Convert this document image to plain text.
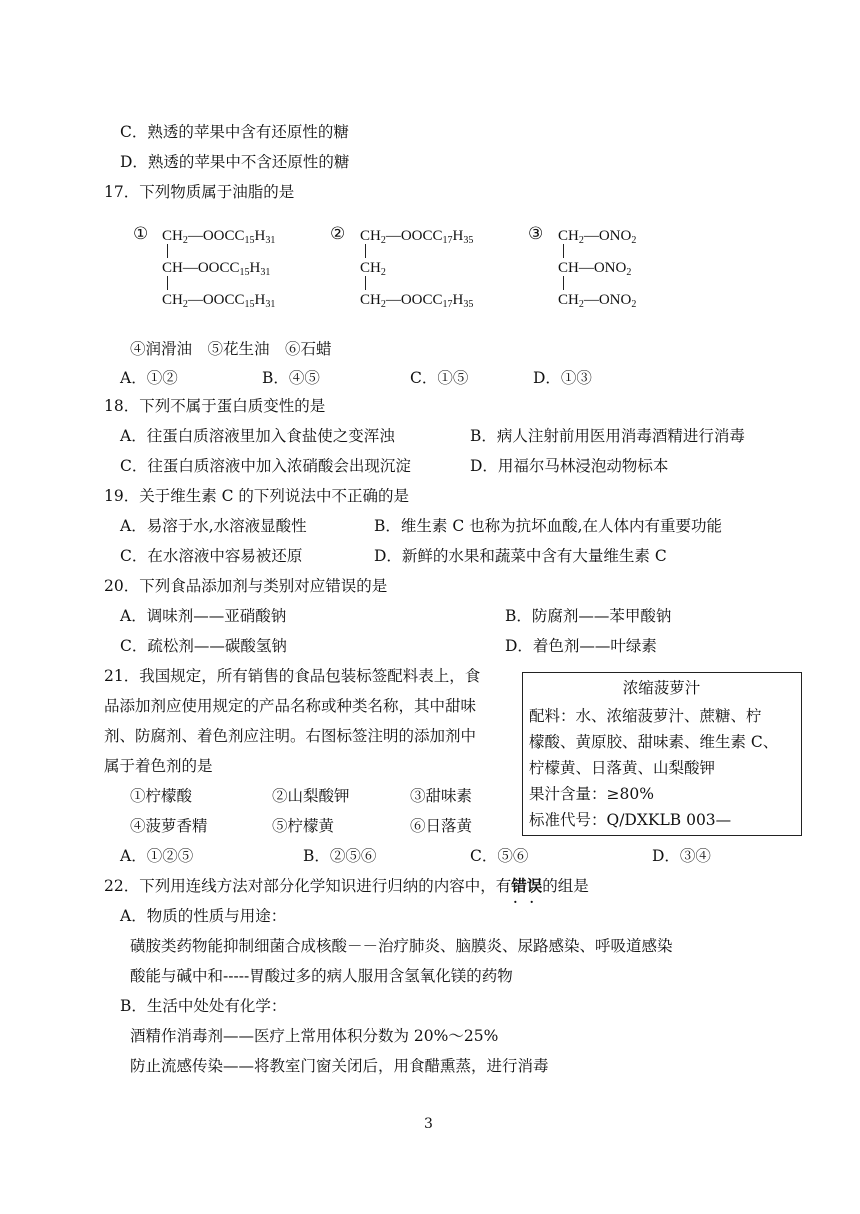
C．熟透的苹果中含有还原性的糖
D．熟透的苹果中不含还原性的糖
17．下列物质属于油脂的是
① $CH_2—OOCC_{15}H_{31}$
$CH—OOCC_{15}H_{31}$
$CH_2—OOCC_{15}H_{31}$
② $CH_2—OOCC_{17}H_{35}$
$CH_2$
$CH_2—OOCC_{17}H_{35}$
③ $CH_2—ONO_2$
$CH—ONO_2$
$CH_2—ONO_2$
④润滑油　⑤花生油　⑥石蜡
A．①②	B．④⑤	C．①⑤	D．①③
18．下列不属于蛋白质变性的是
A．往蛋白质溶液里加入食盐使之变浑浊	B．病人注射前用医用消毒酒精进行消毒
C．往蛋白质溶液中加入浓硝酸会出现沉淀	D．用福尔马林浸泡动物标本
19．关于维生素 C 的下列说法中不正确的是
A．易溶于水,水溶液显酸性	B．维生素 C 也称为抗坏血酸,在人体内有重要功能
C．在水溶液中容易被还原	D．新鲜的水果和蔬菜中含有大量维生素 C
20．下列食品添加剂与类别对应错误的是
A．调味剂——亚硝酸钠	B．防腐剂——苯甲酸钠
C．疏松剂——碳酸氢钠	D．着色剂——叶绿素
21．我国规定，所有销售的食品包装标签配料表上，食
品添加剂应使用规定的产品名称或种类名称，其中甜味
剂、防腐剂、着色剂应注明。右图标签注明的添加剂中
属于着色剂的是
①柠檬酸	②山梨酸钾	③甜味素
④菠萝香精	⑤柠檬黄	⑥日落黄
A．①②⑤	B．②⑤⑥	C．⑤⑥	D．③④
浓缩菠萝汁
配料：水、浓缩菠萝汁、蔗糖、柠
檬酸、黄原胶、甜味素、维生素 C、
柠檬黄、日落黄、山梨酸钾
果汁含量：≥80%
标准代号：Q/DXKLB 003—
22．下列用连线方法对部分化学知识进行归纳的内容中，有错误 · ·的组是
A．物质的性质与用途：
磺胺类药物能抑制细菌合成核酸－－治疗肺炎、脑膜炎、尿路感染、呼吸道感染
酸能与碱中和-----胃酸过多的病人服用含氢氧化镁的药物
B．生活中处处有化学：
酒精作消毒剂——医疗上常用体积分数为 20%～25%
防止流感传染——将教室门窗关闭后，用食醋熏蒸，进行消毒
3
